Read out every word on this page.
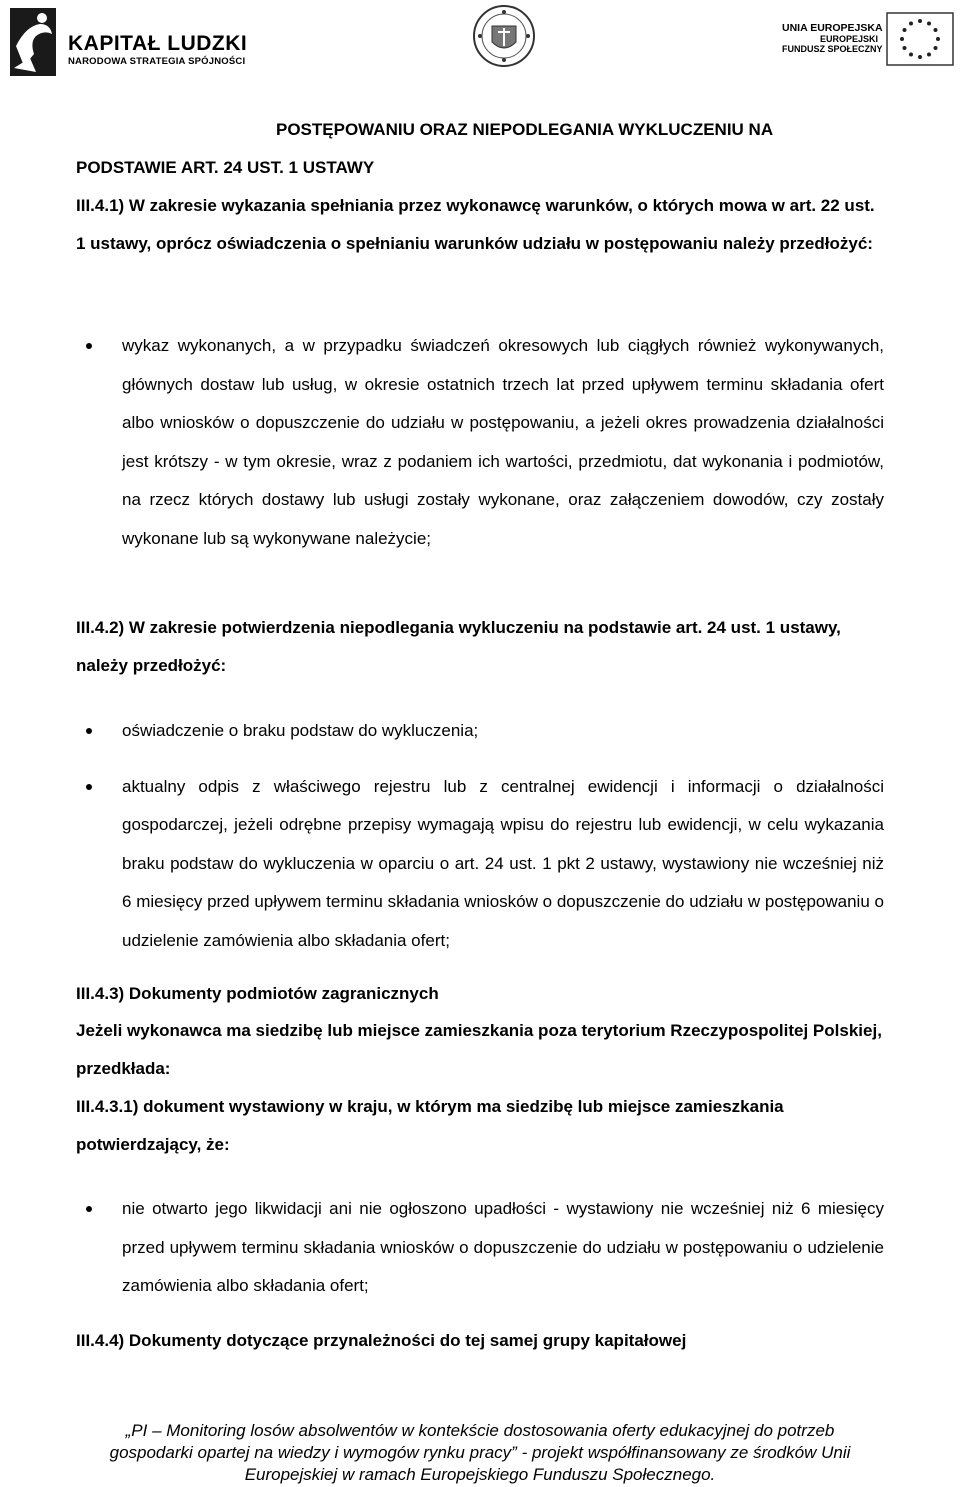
KAPITAŁ LUDZKI
NARODOWA STRATEGIA SPÓJNOŚCI
UNIA EUROPEJSKA
EUROPEJSKI
FUNDUSZ SPOŁECZNY

POSTĘPOWANIU ORAZ NIEPODLEGANIA WYKLUCZENIU NA

PODSTAWIE ART. 24 UST. 1 USTAWY

III.4.1) W zakresie wykazania spełniania przez wykonawcę warunków, o których mowa w art. 22 ust. 1 ustawy, oprócz oświadczenia o spełnianiu warunków udziału w postępowaniu należy przedłożyć:

wykaz wykonanych, a w przypadku świadczeń okresowych lub ciągłych również wykonywanych, głównych dostaw lub usług, w okresie ostatnich trzech lat przed upływem terminu składania ofert albo wniosków o dopuszczenie do udziału w postępowaniu, a jeżeli okres prowadzenia działalności jest krótszy - w tym okresie, wraz z podaniem ich wartości, przedmiotu, dat wykonania i podmiotów, na rzecz których dostawy lub usługi zostały wykonane, oraz załączeniem dowodów, czy zostały wykonane lub są wykonywane należycie;

III.4.2) W zakresie potwierdzenia niepodlegania wykluczeniu na podstawie art. 24 ust. 1 ustawy, należy przedłożyć:

oświadczenie o braku podstaw do wykluczenia;
aktualny odpis z właściwego rejestru lub z centralnej ewidencji i informacji o działalności gospodarczej, jeżeli odrębne przepisy wymagają wpisu do rejestru lub ewidencji, w celu wykazania braku podstaw do wykluczenia w oparciu o art. 24 ust. 1 pkt 2 ustawy, wystawiony nie wcześniej niż 6 miesięcy przed upływem terminu składania wniosków o dopuszczenie do udziału w postępowaniu o udzielenie zamówienia albo składania ofert;

III.4.3) Dokumenty podmiotów zagranicznych

Jeżeli wykonawca ma siedzibę lub miejsce zamieszkania poza terytorium Rzeczypospolitej Polskiej, przedkłada:

III.4.3.1) dokument wystawiony w kraju, w którym ma siedzibę lub miejsce zamieszkania potwierdzający, że:

nie otwarto jego likwidacji ani nie ogłoszono upadłości - wystawiony nie wcześniej niż 6 miesięcy przed upływem terminu składania wniosków o dopuszczenie do udziału w postępowaniu o udzielenie zamówienia albo składania ofert;

III.4.4) Dokumenty dotyczące przynależności do tej samej grupy kapitałowej

„PI – Monitoring losów absolwentów w kontekście dostosowania oferty edukacyjnej do potrzeb
gospodarki opartej na wiedzy i wymogów rynku pracy” - projekt współfinansowany ze środków Unii
Europejskiej w ramach Europejskiego Funduszu Społecznego.
